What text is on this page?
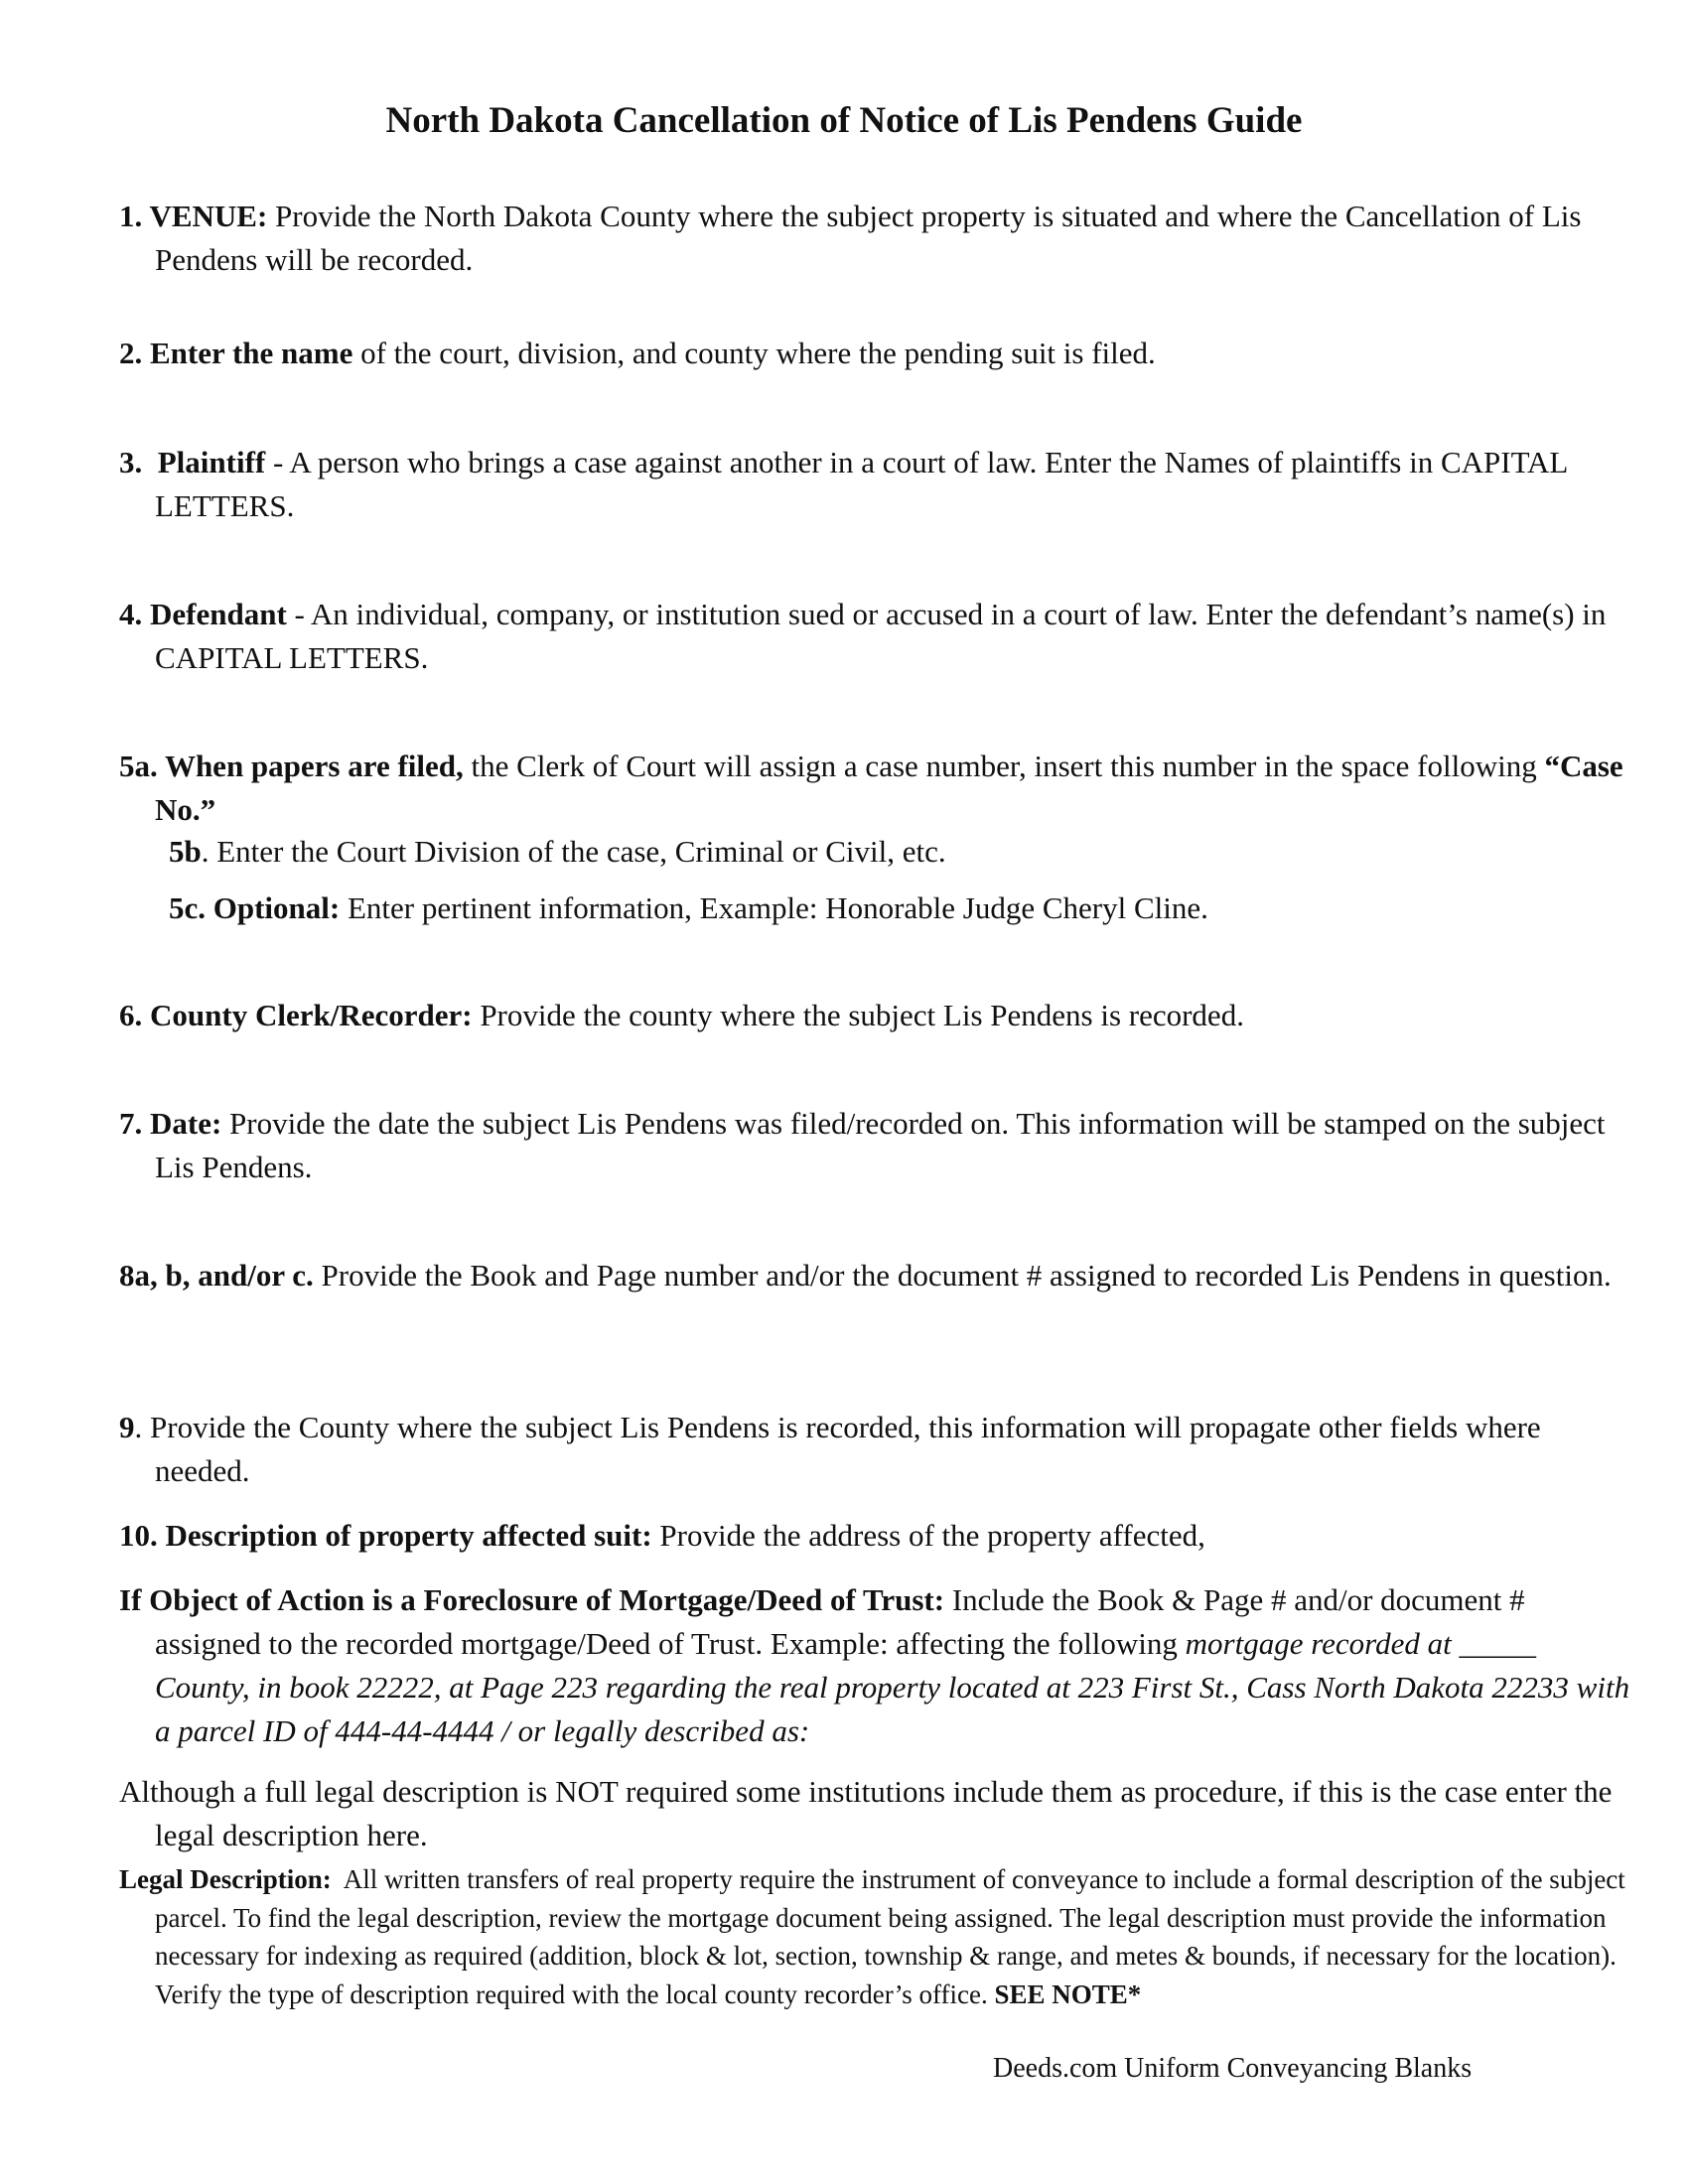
North Dakota Cancellation of Notice of Lis Pendens Guide
1. VENUE: Provide the North Dakota County where the subject property is situated and where the Cancellation of Lis Pendens will be recorded.
2. Enter the name of the court, division, and county where the pending suit is filed.
3.  Plaintiff - A person who brings a case against another in a court of law. Enter the Names of plaintiffs in CAPITAL LETTERS.
4. Defendant - An individual, company, or institution sued or accused in a court of law. Enter the defendant’s name(s) in CAPITAL LETTERS.
5a. When papers are filed, the Clerk of Court will assign a case number, insert this number in the space following “Case No.”
5b. Enter the Court Division of the case, Criminal or Civil, etc.
5c. Optional: Enter pertinent information, Example: Honorable Judge Cheryl Cline.
6. County Clerk/Recorder: Provide the county where the subject Lis Pendens is recorded.
7. Date: Provide the date the subject Lis Pendens was filed/recorded on. This information will be stamped on the subject Lis Pendens.
8a, b, and/or c. Provide the Book and Page number and/or the document # assigned to recorded Lis Pendens in question.
9. Provide the County where the subject Lis Pendens is recorded, this information will propagate other fields where needed.
10. Description of property affected suit: Provide the address of the property affected,
If Object of Action is a Foreclosure of Mortgage/Deed of Trust: Include the Book & Page # and/or document # assigned to the recorded mortgage/Deed of Trust. Example: affecting the following mortgage recorded at _____ County, in book 22222, at Page 223 regarding the real property located at 223 First St., Cass North Dakota 22233 with a parcel ID of 444-44-4444 / or legally described as:
Although a full legal description is NOT required some institutions include them as procedure, if this is the case enter the legal description here.
Legal Description:  All written transfers of real property require the instrument of conveyance to include a formal description of the subject parcel. To find the legal description, review the mortgage document being assigned. The legal description must provide the information necessary for indexing as required (addition, block & lot, section, township & range, and metes & bounds, if necessary for the location). Verify the type of description required with the local county recorder’s office. SEE NOTE*
Deeds.com Uniform Conveyancing Blanks
